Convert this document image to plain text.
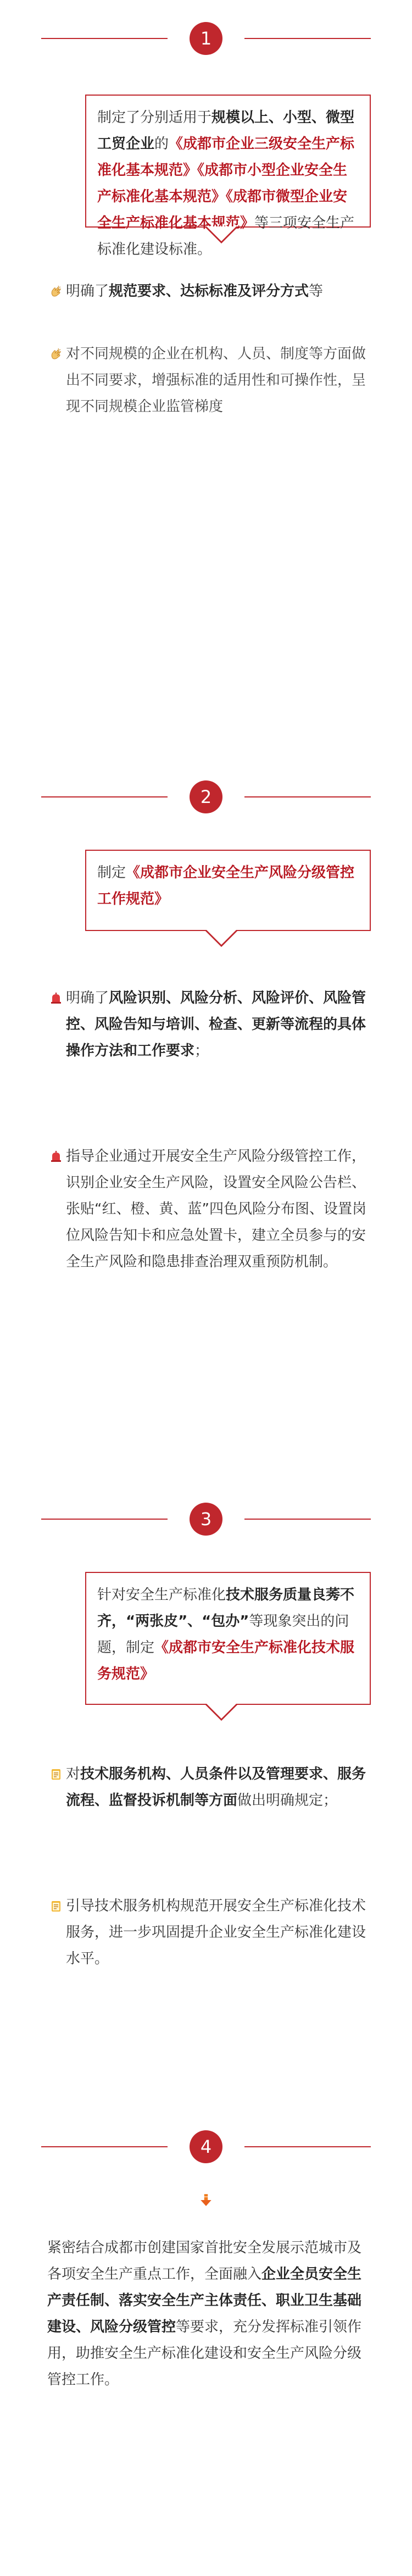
1
制定了分别适用于规模以上、小型、微型工贸企业的《成都市企业三级安全生产标准化基本规范》《成都市小型企业安全生产标准化基本规范》《成都市微型企业安全生产标准化基本规范》等三项安全生产标准化建设标准。
明确了规范要求、达标标准及评分方式等
对不同规模的企业在机构、人员、制度等方面做出不同要求，增强标准的适用性和可操作性，呈现不同规模企业监管梯度
2
制定《成都市企业安全生产风险分级管控工作规范》
明确了风险识别、风险分析、风险评价、风险管控、风险告知与培训、检查、更新等流程的具体操作方法和工作要求；
指导企业通过开展安全生产风险分级管控工作，识别企业安全生产风险，设置安全风险公告栏、张贴“红、橙、黄、蓝”四色风险分布图、设置岗位风险告知卡和应急处置卡，建立全员参与的安全生产风险和隐患排查治理双重预防机制。
3
针对安全生产标准化技术服务质量良莠不齐，“两张皮”、“包办”等现象突出的问题，制定《成都市安全生产标准化技术服务规范》
对技术服务机构、人员条件以及管理要求、服务流程、监督投诉机制等方面做出明确规定；
引导技术服务机构规范开展安全生产标准化技术服务，进一步巩固提升企业安全生产标准化建设水平。
4
紧密结合成都市创建国家首批安全发展示范城市及各项安全生产重点工作，全面融入企业全员安全生产责任制、落实安全生产主体责任、职业卫生基础建设、风险分级管控等要求，充分发挥标准引领作用，助推安全生产标准化建设和安全生产风险分级管控工作。
